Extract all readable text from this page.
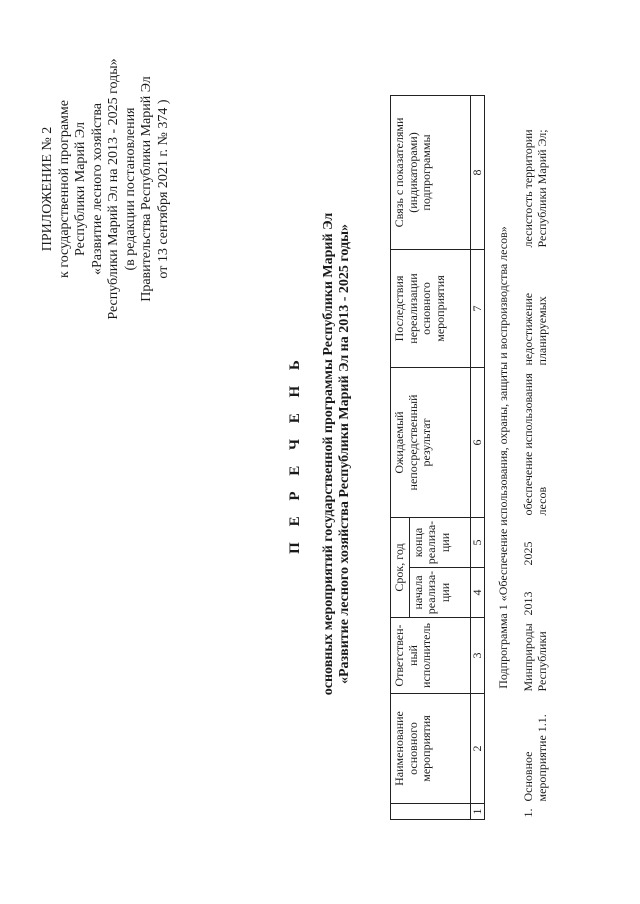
ПРИЛОЖЕНИЕ № 2 к государственной программе Республики Марий Эл «Развитие лесного хозяйства Республики Марий Эл на 2013 - 2025 годы» (в редакции постановления Правительства Республики Марий Эл от 13 сентября 2021 г. № 374 )
П Е Р Е Ч Е Н Ь основных мероприятий государственной программы Республики Марий Эл «Развитие лесного хозяйства Республики Марий Эл на 2013 - 2025 годы»
	Наименование основного мероприятия	Ответствен-ный исполнитель	Срок, год		Ожидаемый непосредственный результат	Последствия нереализации основного мероприятия	Связь с показателями (индикаторами) подпрограммы
			начала реализа-ции	конца реализа-ции			
1	2	3	4	5	6	7	8
Подпрограмма 1 «Обеспечение использования, охраны, защиты и воспроизводства лесов»							
1.	Основное мероприятие 1.1.	Минприроды Республики	2013	2025	обеспечение использования лесов	недостижение планируемых	лесистость территории Республики Марий Эл;
